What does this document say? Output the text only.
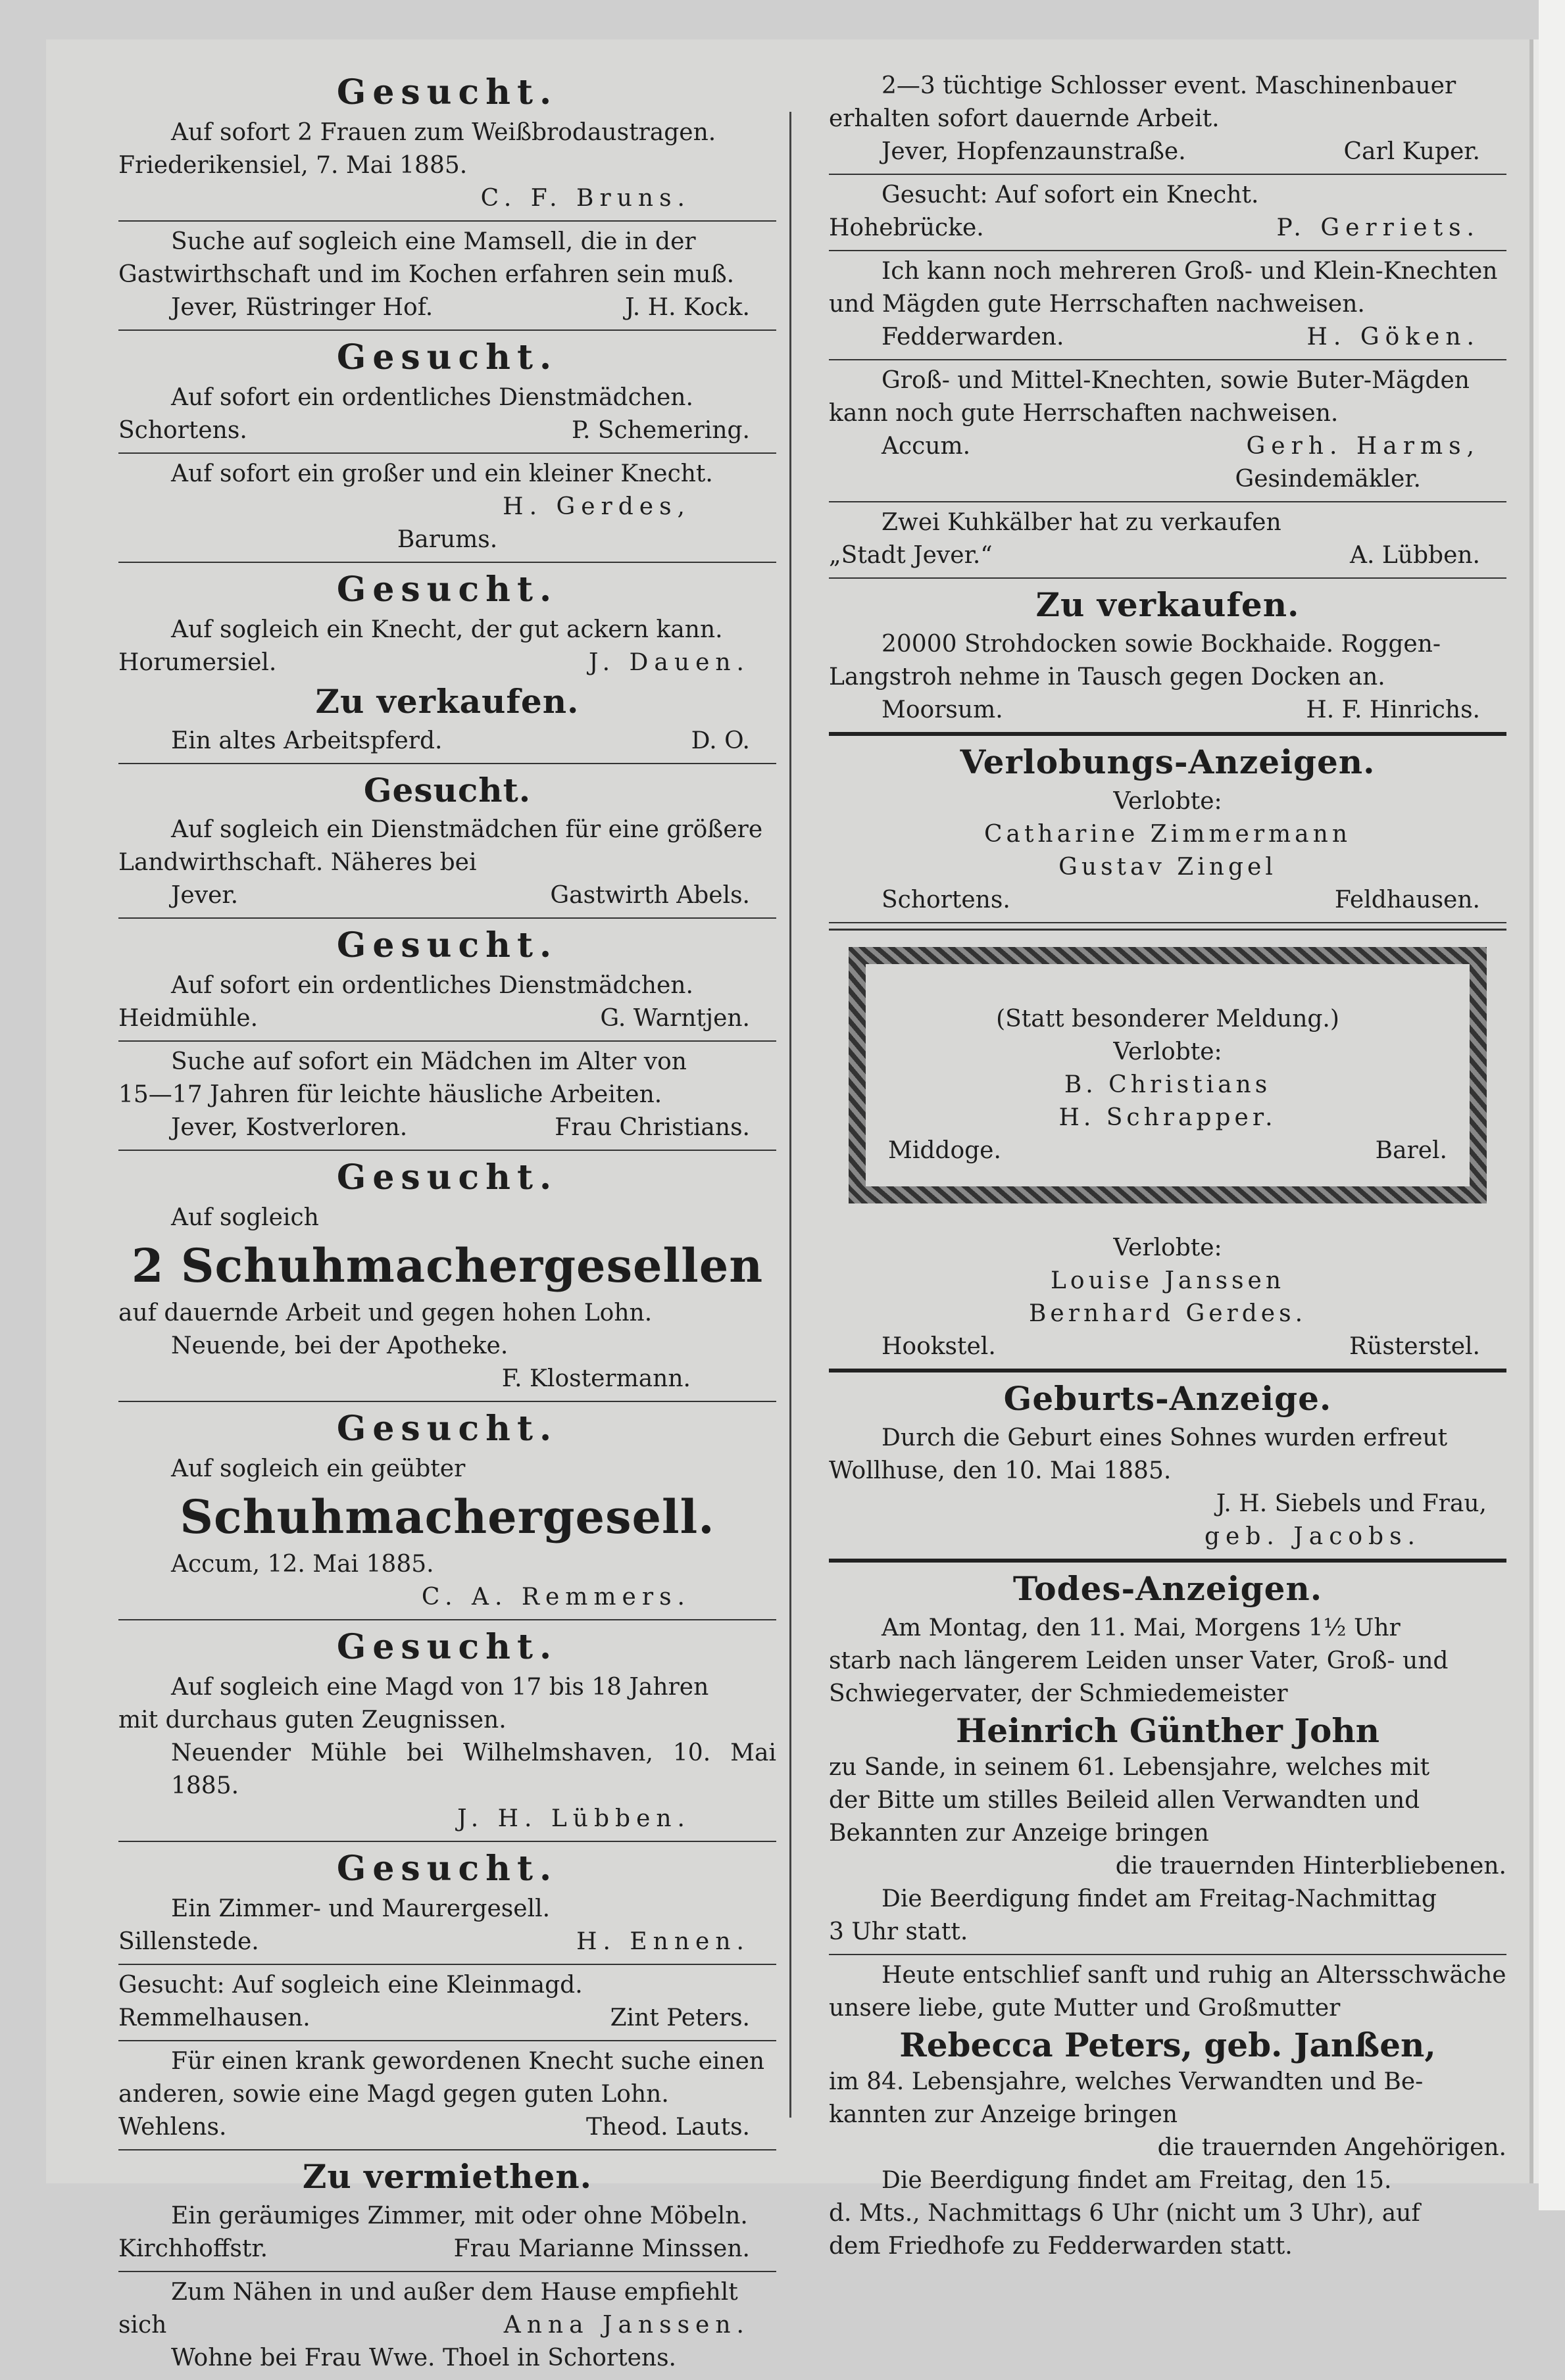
Gesucht.

Auf sofort 2 Frauen zum Weißbrodaustragen.

Friederikensiel, 7. Mai 1885.

C. F. Bruns.

Suche auf sogleich eine Mamsell, die in der

Gastwirthschaft und im Kochen erfahren sein muß.

Jever, Rüstringer Hof.	J. H. Kock.
Gesucht.

Auf sofort ein ordentliches Dienstmädchen.

Schortens.	P. Schemering.

Auf sofort ein großer und ein kleiner Knecht.

H. Gerdes,
Barums.
Gesucht.

Auf sogleich ein Knecht, der gut ackern kann.

Horumersiel.	J. Dauen.
Zu verkaufen.
Ein altes Arbeitspferd.	D. O.
Gesucht.

Auf sogleich ein Dienstmädchen für eine größere

Landwirthschaft. Näheres bei

Jever.	Gastwirth Abels.
Gesucht.

Auf sofort ein ordentliches Dienstmädchen.

Heidmühle.	G. Warntjen.

Suche auf sofort ein Mädchen im Alter von

15—17 Jahren für leichte häusliche Arbeiten.

Jever, Kostverloren.	Frau Christians.
Gesucht.

Auf sogleich

2 Schuhmachergesellen

auf dauernde Arbeit und gegen hohen Lohn.

Neuende, bei der Apotheke.

F. Klostermann.
Gesucht.

Auf sogleich ein geübter

Schuhmachergesell.

Accum, 12. Mai 1885.

C. A. Remmers.
Gesucht.

Auf sogleich eine Magd von 17 bis 18 Jahren

mit durchaus guten Zeugnissen.

Neuender Mühle bei Wilhelmshaven, 10. Mai 1885.

J. H. Lübben.
Gesucht.

Ein Zimmer- und Maurergesell.

Sillenstede.	H. Ennen.

Gesucht: Auf sogleich eine Kleinmagd.

Remmelhausen.	Zint Peters.

Für einen krank gewordenen Knecht suche einen

anderen, sowie eine Magd gegen guten Lohn.

Wehlens.	Theod. Lauts.
Zu vermiethen.

Ein geräumiges Zimmer, mit oder ohne Möbeln.

Kirchhoffstr.	Frau Marianne Minssen.

Zum Nähen in und außer dem Hause empfiehlt

sich	Anna Janssen.

Wohne bei Frau Wwe. Thoel in Schortens.

2—3 tüchtige Schlosser event. Maschinenbauer

erhalten sofort dauernde Arbeit.

Jever, Hopfenzaunstraße.	Carl Kuper.

Gesucht: Auf sofort ein Knecht.

Hohebrücke.	P. Gerriets.

Ich kann noch mehreren Groß- und Klein-Knechten

und Mägden gute Herrschaften nachweisen.

Fedderwarden.	H. Göken.

Groß- und Mittel-Knechten, sowie Buter-Mägden

kann noch gute Herrschaften nachweisen.

Accum.	Gerh. Harms,
Gesindemäkler.

Zwei Kuhkälber hat zu verkaufen

„Stadt Jever.“	A. Lübben.
Zu verkaufen.

20000 Strohdocken sowie Bockhaide. Roggen-

Langstroh nehme in Tausch gegen Docken an.

Moorsum.	H. F. Hinrichs.
Verlobungs-Anzeigen.
Verlobte:
Catharine Zimmermann
Gustav Zingel
Schortens.	Feldhausen.
(Statt besonderer Meldung.)
Verlobte:
B. Christians
H. Schrapper.
Middoge.	Barel.
Verlobte:
Louise Janssen
Bernhard Gerdes.
Hookstel.	Rüsterstel.
Geburts-Anzeige.

Durch die Geburt eines Sohnes wurden erfreut

Wollhuse, den 10. Mai 1885.

J. H. Siebels und Frau,
geb. Jacobs.
Todes-Anzeigen.

Am Montag, den 11. Mai, Morgens 1½ Uhr

starb nach längerem Leiden unser Vater, Groß- und

Schwiegervater, der Schmiedemeister

Heinrich Günther John

zu Sande, in seinem 61. Lebensjahre, welches mit

der Bitte um stilles Beileid allen Verwandten und

Bekannten zur Anzeige bringen

die trauernden Hinterbliebenen.

Die Beerdigung findet am Freitag-Nachmittag

3 Uhr statt.

Heute entschlief sanft und ruhig an Altersschwäche

unsere liebe, gute Mutter und Großmutter

Rebecca Peters, geb. Janßen,

im 84. Lebensjahre, welches Verwandten und Be-

kannten zur Anzeige bringen

die trauernden Angehörigen.

Die Beerdigung findet am Freitag, den 15.

d. Mts., Nachmittags 6 Uhr (nicht um 3 Uhr), auf

dem Friedhofe zu Fedderwarden statt.
